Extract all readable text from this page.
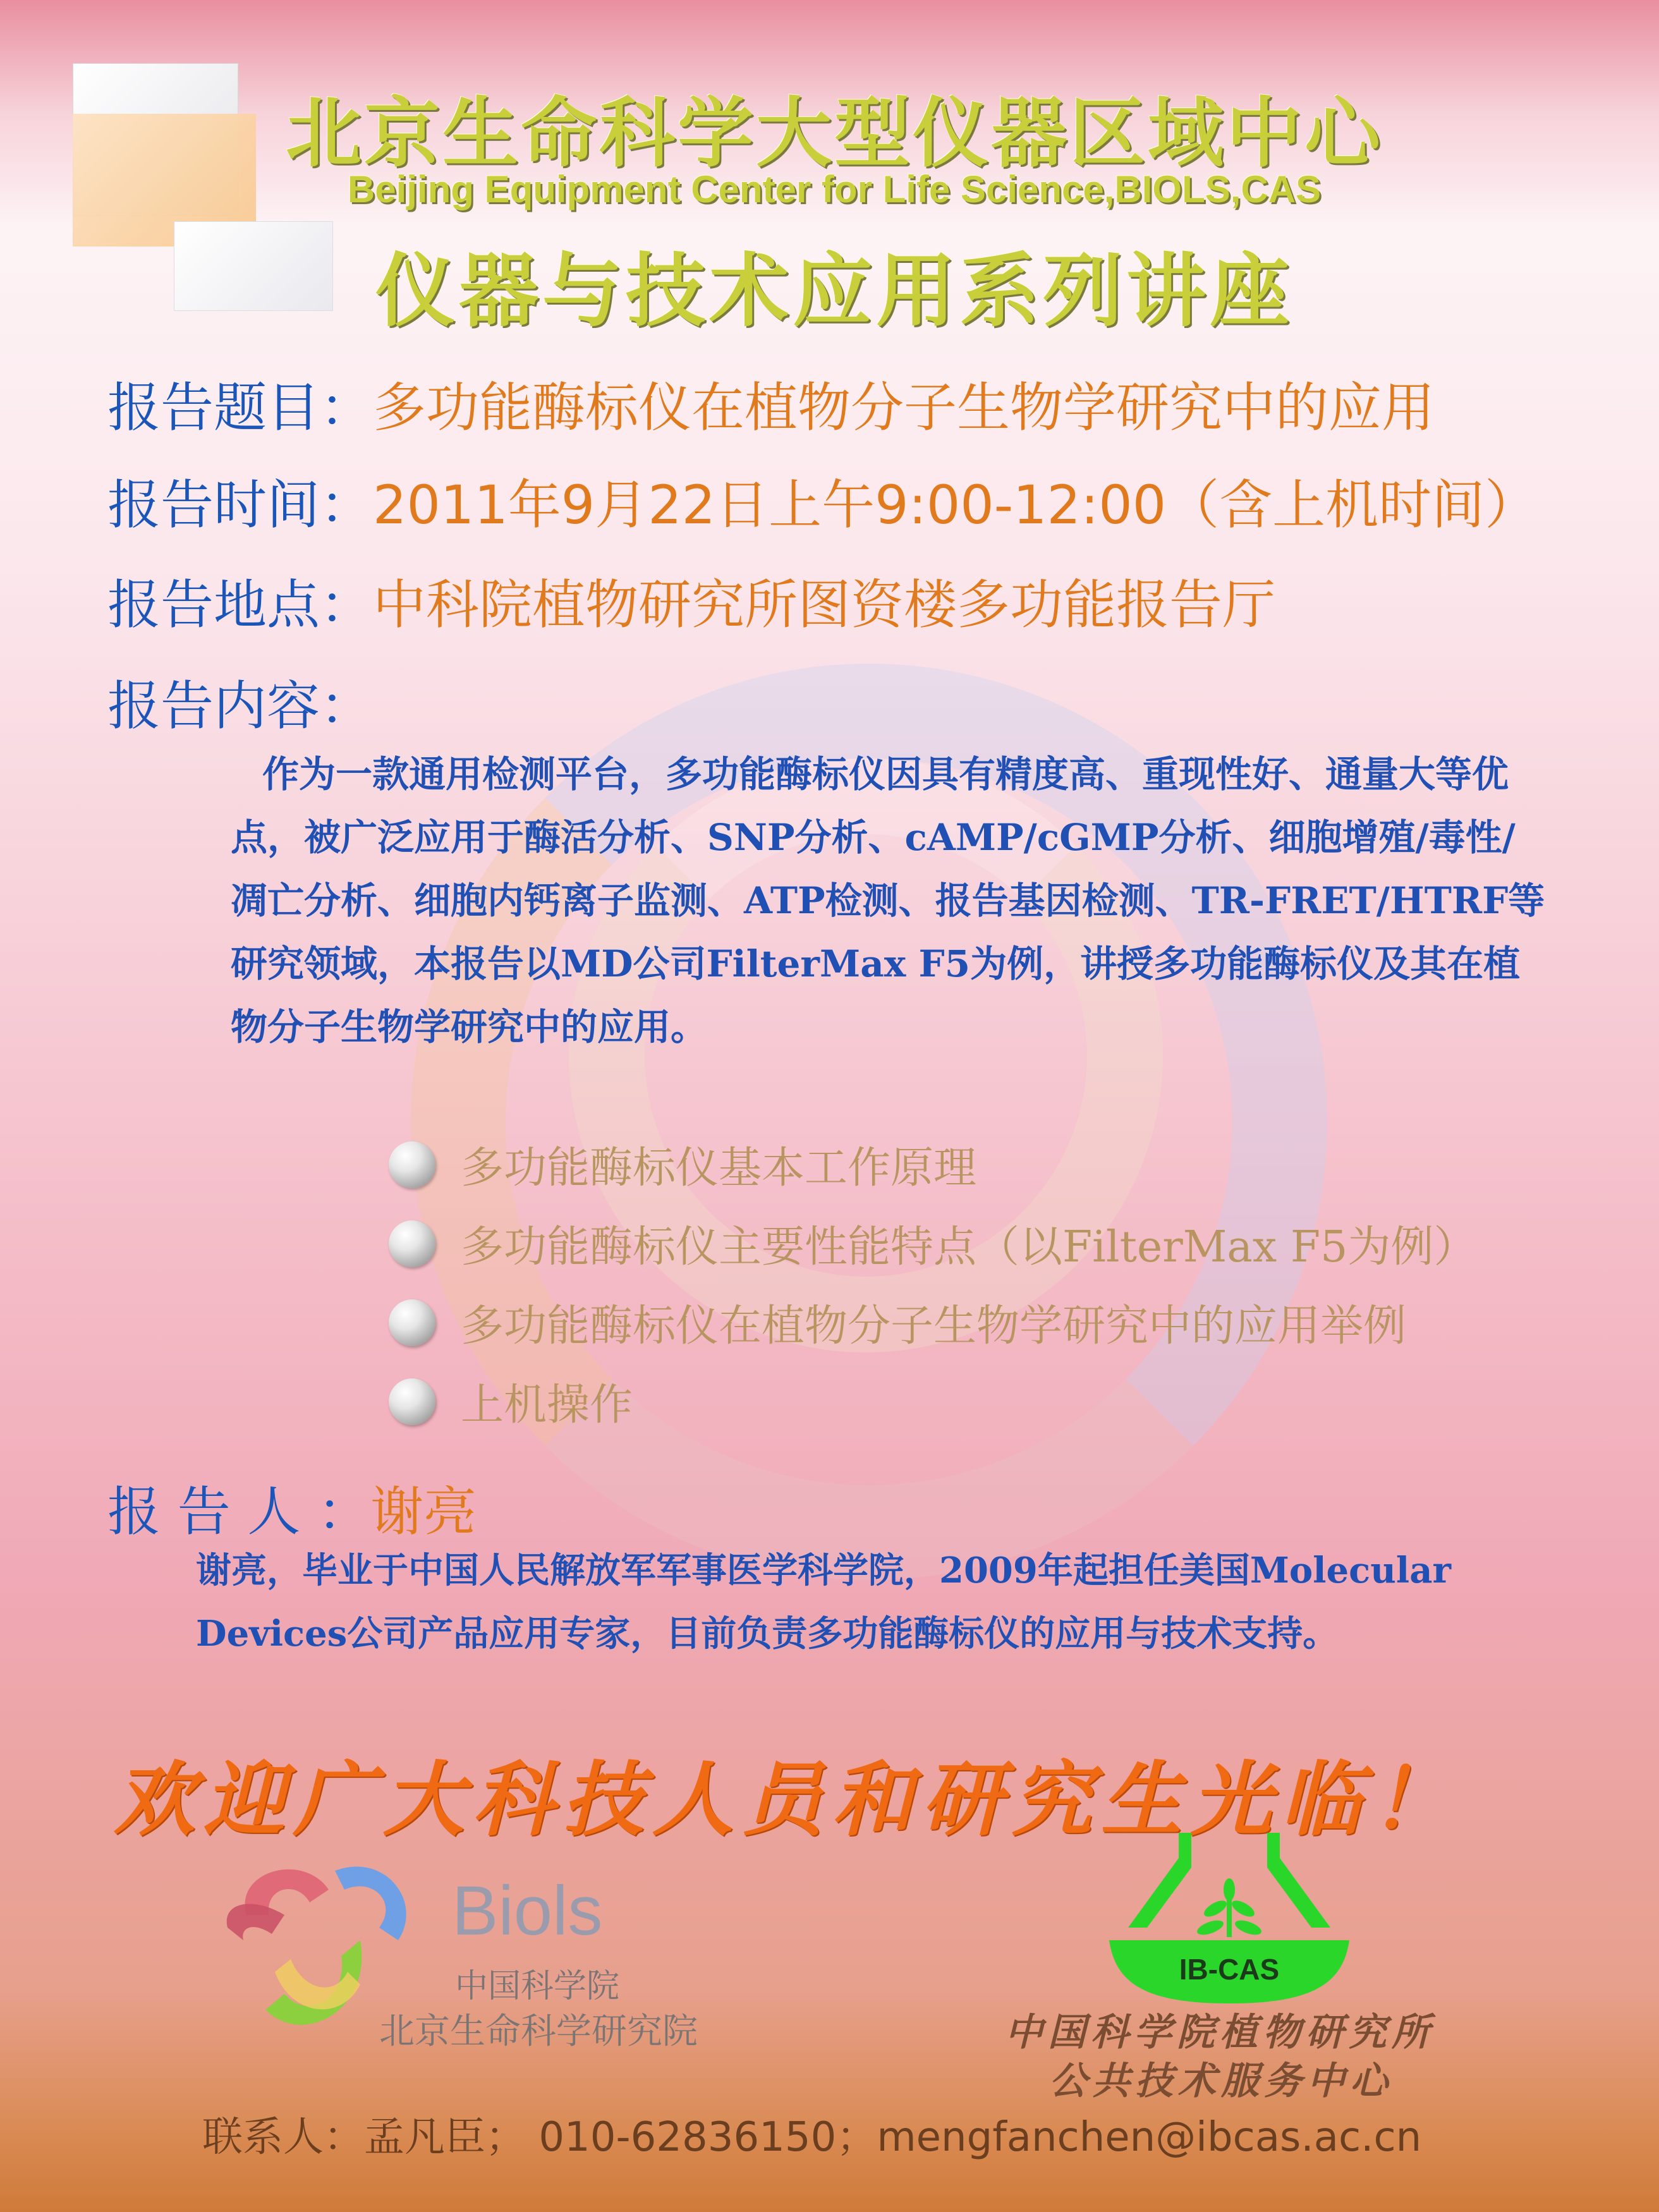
北京生命科学大型仪器区域中心
Beijing Equipment Center for Life Science,BIOLS,CAS
仪器与技术应用系列讲座
报告题目：多功能酶标仪在植物分子生物学研究中的应用
报告时间：2011年9月22日上午9:00-12:00（含上机时间）
报告地点：中科院植物研究所图资楼多功能报告厅
报告内容：
作为一款通用检测平台，多功能酶标仪因具有精度高、重现性好、通量大等优点，被广泛应用于酶活分析、SNP分析、cAMP/cGMP分析、细胞增殖/毒性/凋亡分析、细胞内钙离子监测、ATP检测、报告基因检测、TR-FRET/HTRF等研究领域，本报告以MD公司FilterMax F5为例，讲授多功能酶标仪及其在植物分子生物学研究中的应用。
多功能酶标仪基本工作原理
多功能酶标仪主要性能特点（以FilterMax F5为例）
多功能酶标仪在植物分子生物学研究中的应用举例
上机操作
报 告 人 ：谢亮
谢亮，毕业于中国人民解放军军事医学科学院，2009年起担任美国Molecular Devices公司产品应用专家，目前负责多功能酶标仪的应用与技术支持。
欢迎广大科技人员和研究生光临！
Biols
中国科学院
北京生命科学研究院
IB-CAS
中国科学院植物研究所
公共技术服务中心
联系人：孟凡臣； 010-62836150；mengfanchen@ibcas.ac.cn
